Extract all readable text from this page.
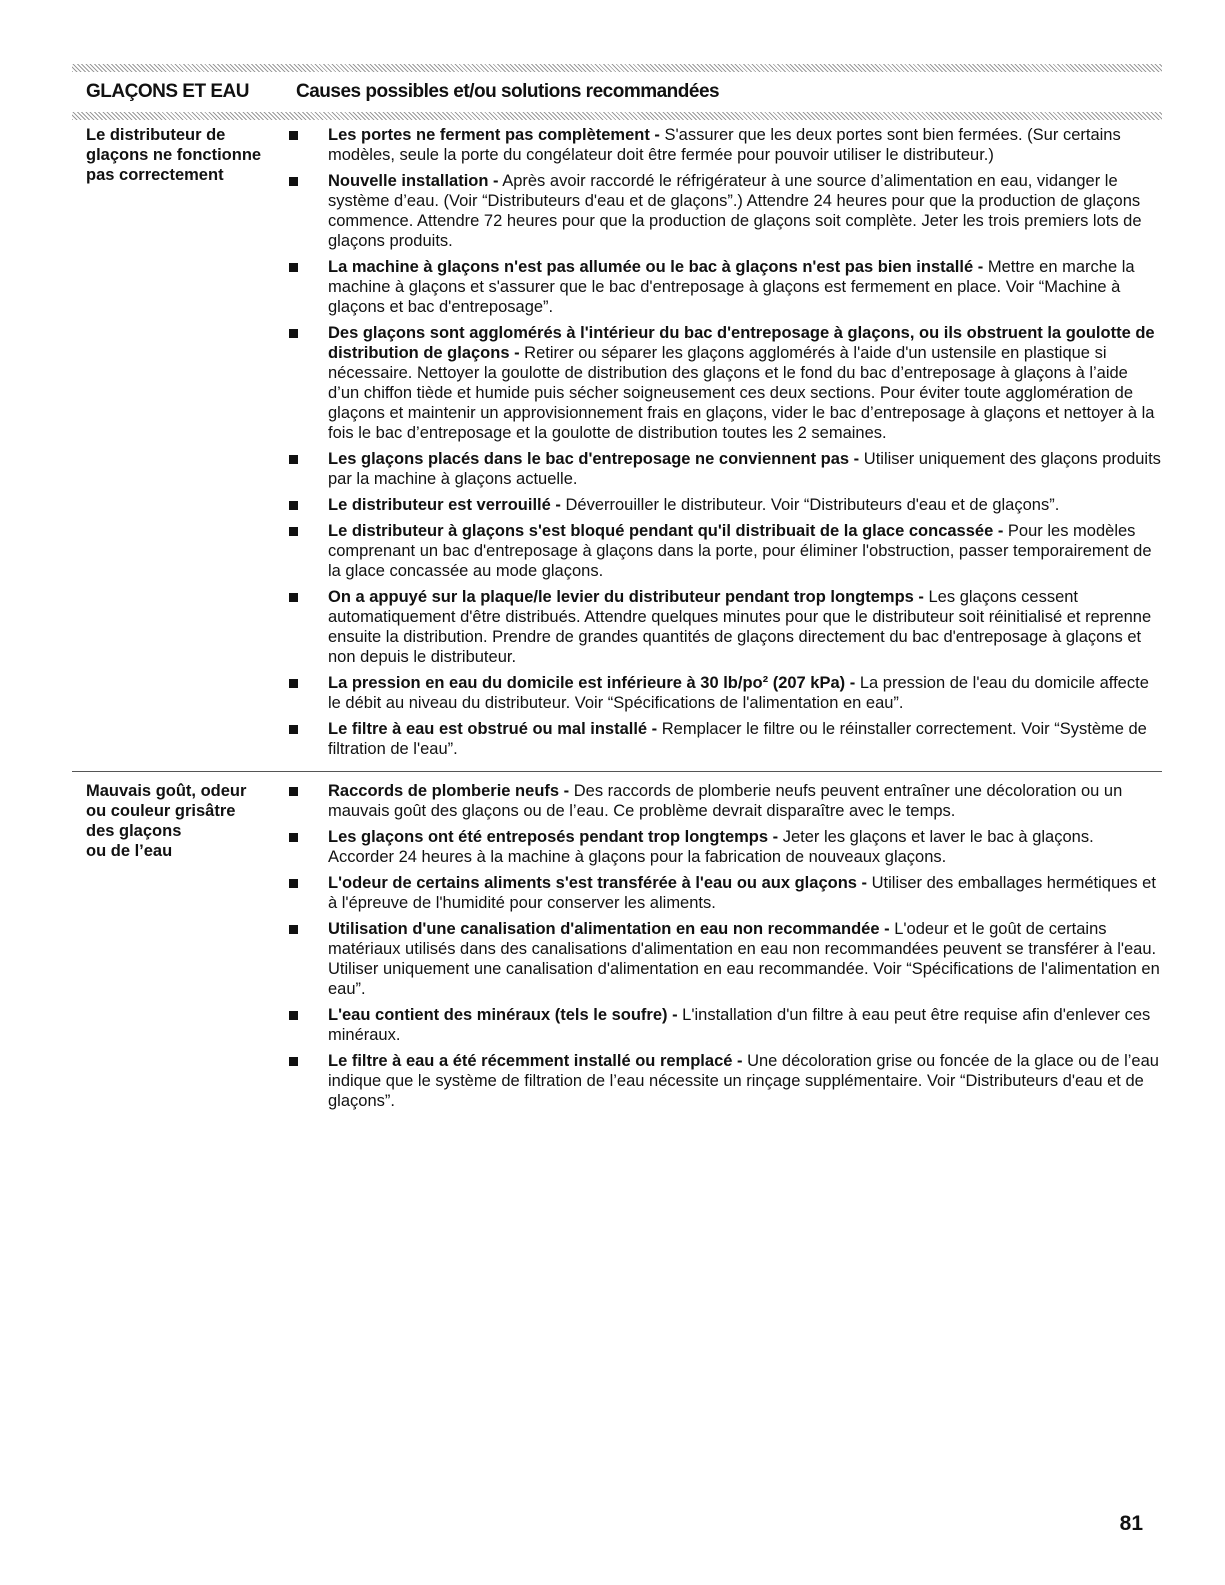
GLAÇONS ET EAU	Causes possibles et/ou solutions recommandées
Le distributeur de
glaçons ne fonctionne
pas correctement
Les portes ne ferment pas complètement - S'assurer que les deux portes sont bien fermées. (Sur certains modèles, seule la porte du congélateur doit être fermée pour pouvoir utiliser le distributeur.)
Nouvelle installation - Après avoir raccordé le réfrigérateur à une source d’alimentation en eau, vidanger le système d’eau. (Voir “Distributeurs d'eau et de glaçons”.) Attendre 24 heures pour que la production de glaçons commence. Attendre 72 heures pour que la production de glaçons soit complète. Jeter les trois premiers lots de glaçons produits.
La machine à glaçons n'est pas allumée ou le bac à glaçons n'est pas bien installé - Mettre en marche la machine à glaçons et s'assurer que le bac d'entreposage à glaçons est fermement en place. Voir “Machine à glaçons et bac d'entreposage”.
Des glaçons sont agglomérés à l'intérieur du bac d'entreposage à glaçons, ou ils obstruent la goulotte de distribution de glaçons - Retirer ou séparer les glaçons agglomérés à l'aide d'un ustensile en plastique si nécessaire. Nettoyer la goulotte de distribution des glaçons et le fond du bac d’entreposage à glaçons à l’aide d’un chiffon tiède et humide puis sécher soigneusement ces deux sections. Pour éviter toute agglomération de glaçons et maintenir un approvisionnement frais en glaçons, vider le bac d’entreposage à glaçons et nettoyer à la fois le bac d’entreposage et la goulotte de distribution toutes les 2 semaines.
Les glaçons placés dans le bac d'entreposage ne conviennent pas - Utiliser uniquement des glaçons produits par la machine à glaçons actuelle.
Le distributeur est verrouillé - Déverrouiller le distributeur. Voir “Distributeurs d'eau et de glaçons”.
Le distributeur à glaçons s'est bloqué pendant qu'il distribuait de la glace concassée - Pour les modèles comprenant un bac d'entreposage à glaçons dans la porte, pour éliminer l'obstruction, passer temporairement de la glace concassée au mode glaçons.
On a appuyé sur la plaque/le levier du distributeur pendant trop longtemps - Les glaçons cessent automatiquement d'être distribués. Attendre quelques minutes pour que le distributeur soit réinitialisé et reprenne ensuite la distribution. Prendre de grandes quantités de glaçons directement du bac d'entreposage à glaçons et non depuis le distributeur.
La pression en eau du domicile est inférieure à 30 lb/po² (207 kPa) - La pression de l'eau du domicile affecte le débit au niveau du distributeur. Voir “Spécifications de l'alimentation en eau”.
Le filtre à eau est obstrué ou mal installé - Remplacer le filtre ou le réinstaller correctement. Voir “Système de filtration de l'eau”.
Mauvais goût, odeur
ou couleur grisâtre
des glaçons
ou de l’eau
Raccords de plomberie neufs - Des raccords de plomberie neufs peuvent entraîner une décoloration ou un mauvais goût des glaçons ou de l’eau. Ce problème devrait disparaître avec le temps.
Les glaçons ont été entreposés pendant trop longtemps - Jeter les glaçons et laver le bac à glaçons. Accorder 24 heures à la machine à glaçons pour la fabrication de nouveaux glaçons.
L'odeur de certains aliments s'est transférée à l'eau ou aux glaçons - Utiliser des emballages hermétiques et à l'épreuve de l'humidité pour conserver les aliments.
Utilisation d'une canalisation d'alimentation en eau non recommandée - L'odeur et le goût de certains matériaux utilisés dans des canalisations d'alimentation en eau non recommandées peuvent se transférer à l'eau. Utiliser uniquement une canalisation d'alimentation en eau recommandée. Voir “Spécifications de l'alimentation en eau”.
L'eau contient des minéraux (tels le soufre) - L'installation d'un filtre à eau peut être requise afin d'enlever ces minéraux.
Le filtre à eau a été récemment installé ou remplacé - Une décoloration grise ou foncée de la glace ou de l’eau indique que le système de filtration de l’eau nécessite un rinçage supplémentaire. Voir “Distributeurs d'eau et de glaçons”.
81
